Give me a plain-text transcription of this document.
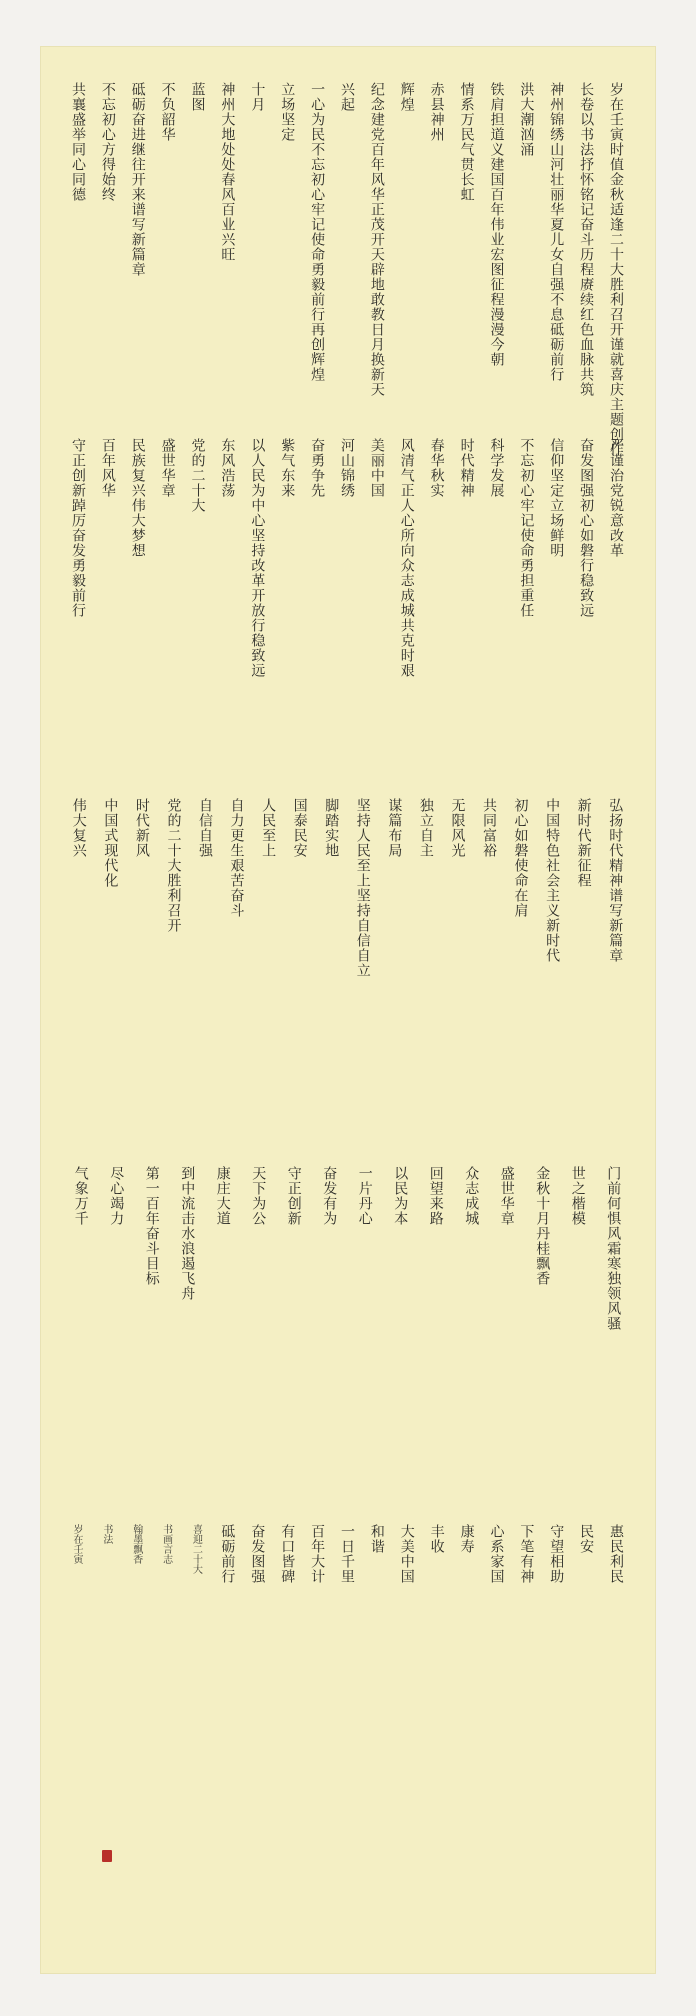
岁在壬寅时值金秋适逢二十大胜利召开谨就喜庆主题创作
长卷以书法抒怀铭记奋斗历程赓续红色血脉共筑
神州锦绣山河壮丽华夏儿女自强不息砥砺前行
洪大潮汹涌
铁肩担道义建国百年伟业宏图征程漫漫今朝
情系万民气贯长虹
赤县神州
辉煌
纪念建党百年风华正茂开天辟地敢教日月换新天
兴起
一心为民不忘初心牢记使命勇毅前行再创辉煌
立场坚定
十月
神州大地处处春风百业兴旺
蓝图
不负韶华
砥砺奋进继往开来谱写新篇章
不忘初心方得始终
共襄盛举同心同德
严谨治党锐意改革
奋发图强初心如磐行稳致远
信仰坚定立场鲜明
不忘初心牢记使命勇担重任
科学发展
时代精神
春华秋实
风清气正人心所向众志成城共克时艰
美丽中国
河山锦绣
奋勇争先
紫气东来
以人民为中心坚持改革开放行稳致远
东风浩荡
党的二十大
盛世华章
民族复兴伟大梦想
百年风华
守正创新踔厉奋发勇毅前行
弘扬时代精神谱写新篇章
新时代新征程
中国特色社会主义新时代
初心如磐使命在肩
共同富裕
无限风光
独立自主
谋篇布局
坚持人民至上坚持自信自立
脚踏实地
国泰民安
人民至上
自力更生艰苦奋斗
自信自强
党的二十大胜利召开
时代新风
中国式现代化
伟大复兴
门前何惧风霜寒独领风骚
世之楷模
金秋十月丹桂飘香
盛世华章
众志成城
回望来路
以民为本
一片丹心
奋发有为
守正创新
天下为公
康庄大道
到中流击水浪遏飞舟
第一百年奋斗目标
尽心竭力
气象万千
惠民利民
民安
守望相助
下笔有神
心系家国
康寿
丰收
大美中国
和谐
一日千里
百年大计
有口皆碑
奋发图强
砥砺前行
喜迎二十大
书画言志
翰墨飘香
书法
岁在壬寅
